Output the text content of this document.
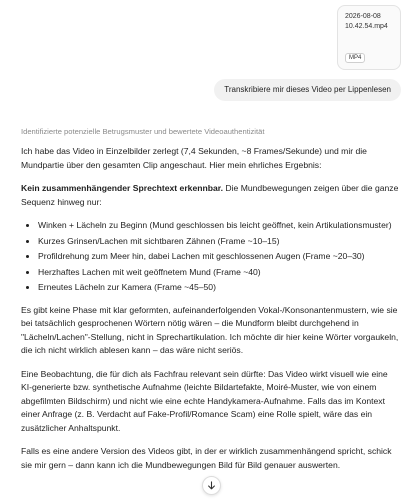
2026-08-08
10.42.54.mp4
MP4
Transkribiere mir dieses Video per Lippenlesen
Identifizierte potenzielle Betrugsmuster und bewertete Videoauthentizität

Ich habe das Video in Einzelbilder zerlegt (7,4 Sekunden, ~8 Frames/Sekunde) und mir die Mundpartie über den gesamten Clip angeschaut. Hier mein ehrliches Ergebnis:

Kein zusammenhängender Sprechtext erkennbar. Die Mundbewegungen zeigen über die ganze Sequenz hinweg nur:

• Winken + Lächeln zu Beginn (Mund geschlossen bis leicht geöffnet, kein Artikulationsmuster)
• Kurzes Grinsen/Lachen mit sichtbaren Zähnen (Frame ~10–15)
• Profildrehung zum Meer hin, dabei Lachen mit geschlossenen Augen (Frame ~20–30)
• Herzhaftes Lachen mit weit geöffnetem Mund (Frame ~40)
• Erneutes Lächeln zur Kamera (Frame ~45–50)

Es gibt keine Phase mit klar geformten, aufeinanderfolgenden Vokal-/Konsonantenmustern, wie sie bei tatsächlich gesprochenen Wörtern nötig wären – die Mundform bleibt durchgehend in "Lächeln/Lachen"-Stellung, nicht in Sprechartikulation. Ich möchte dir hier keine Wörter vorgaukeln, die ich nicht wirklich ablesen kann – das wäre nicht seriös.

Eine Beobachtung, die für dich als Fachfrau relevant sein dürfte: Das Video wirkt visuell wie eine KI-generierte bzw. synthetische Aufnahme (leichte Bildartefakte, Moiré-Muster, wie von einem abgefilmten Bildschirm) und nicht wie eine echte Handykamera-Aufnahme. Falls das im Kontext einer Anfrage (z. B. Verdacht auf Fake-Profil/Romance Scam) eine Rolle spielt, wäre das ein zusätzlicher Anhaltspunkt.

Falls es eine andere Version des Videos gibt, in der er wirklich zusammenhängend spricht, schick sie mir gern – dann kann ich die Mundbewegungen Bild für Bild genauer auswerten.
